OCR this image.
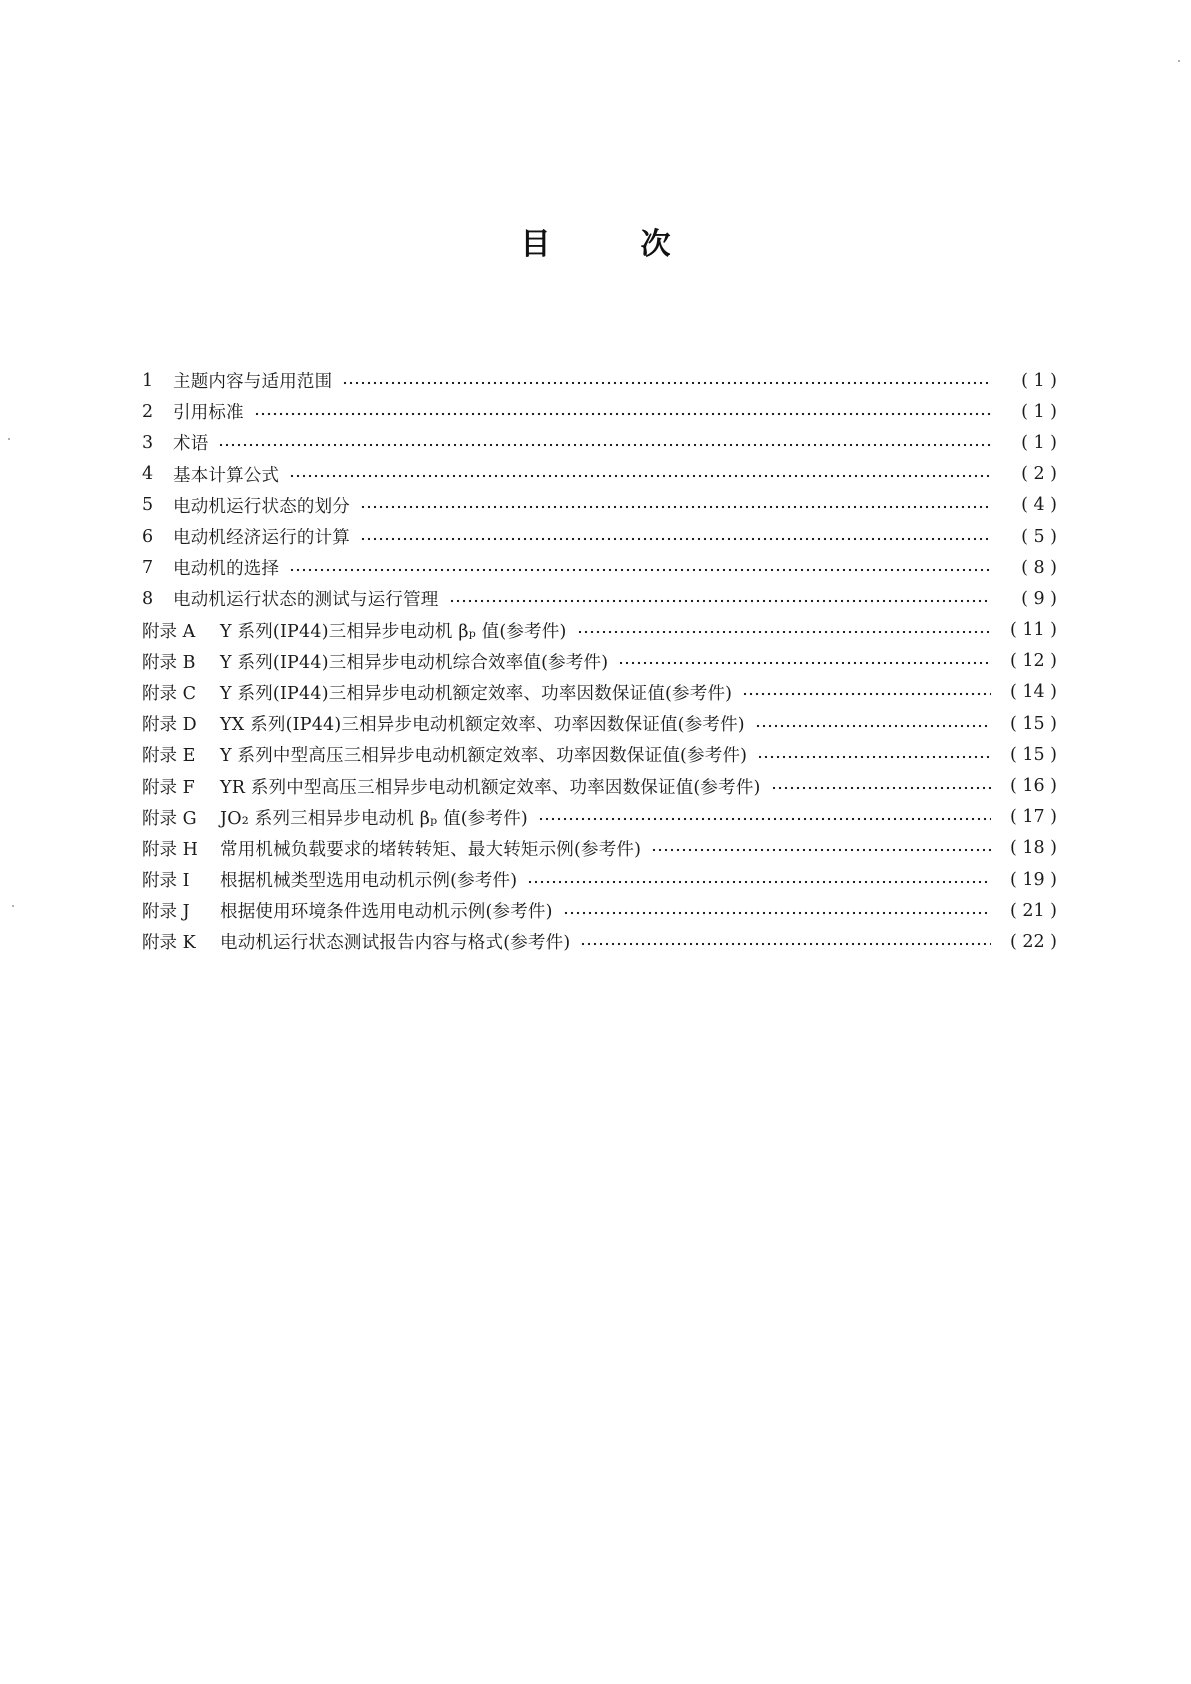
目	次
1	主题内容与适用范围	( 1 )
2	引用标准	( 1 )
3	术语	( 1 )
4	基本计算公式	( 2 )
5	电动机运行状态的划分	( 4 )
6	电动机经济运行的计算	( 5 )
7	电动机的选择	( 8 )
8	电动机运行状态的测试与运行管理	( 9 )
附录 A	Y 系列(IP44)三相异步电动机 βₚ 值(参考件)	( 11 )
附录 B	Y 系列(IP44)三相异步电动机综合效率值(参考件)	( 12 )
附录 C	Y 系列(IP44)三相异步电动机额定效率、功率因数保证值(参考件)	( 14 )
附录 D	YX 系列(IP44)三相异步电动机额定效率、功率因数保证值(参考件)	( 15 )
附录 E	Y 系列中型高压三相异步电动机额定效率、功率因数保证值(参考件)	( 15 )
附录 F	YR 系列中型高压三相异步电动机额定效率、功率因数保证值(参考件)	( 16 )
附录 G	JO₂ 系列三相异步电动机 βₚ 值(参考件)	( 17 )
附录 H	常用机械负载要求的堵转转矩、最大转矩示例(参考件)	( 18 )
附录 I	根据机械类型选用电动机示例(参考件)	( 19 )
附录 J	根据使用环境条件选用电动机示例(参考件)	( 21 )
附录 K	电动机运行状态测试报告内容与格式(参考件)	( 22 )
